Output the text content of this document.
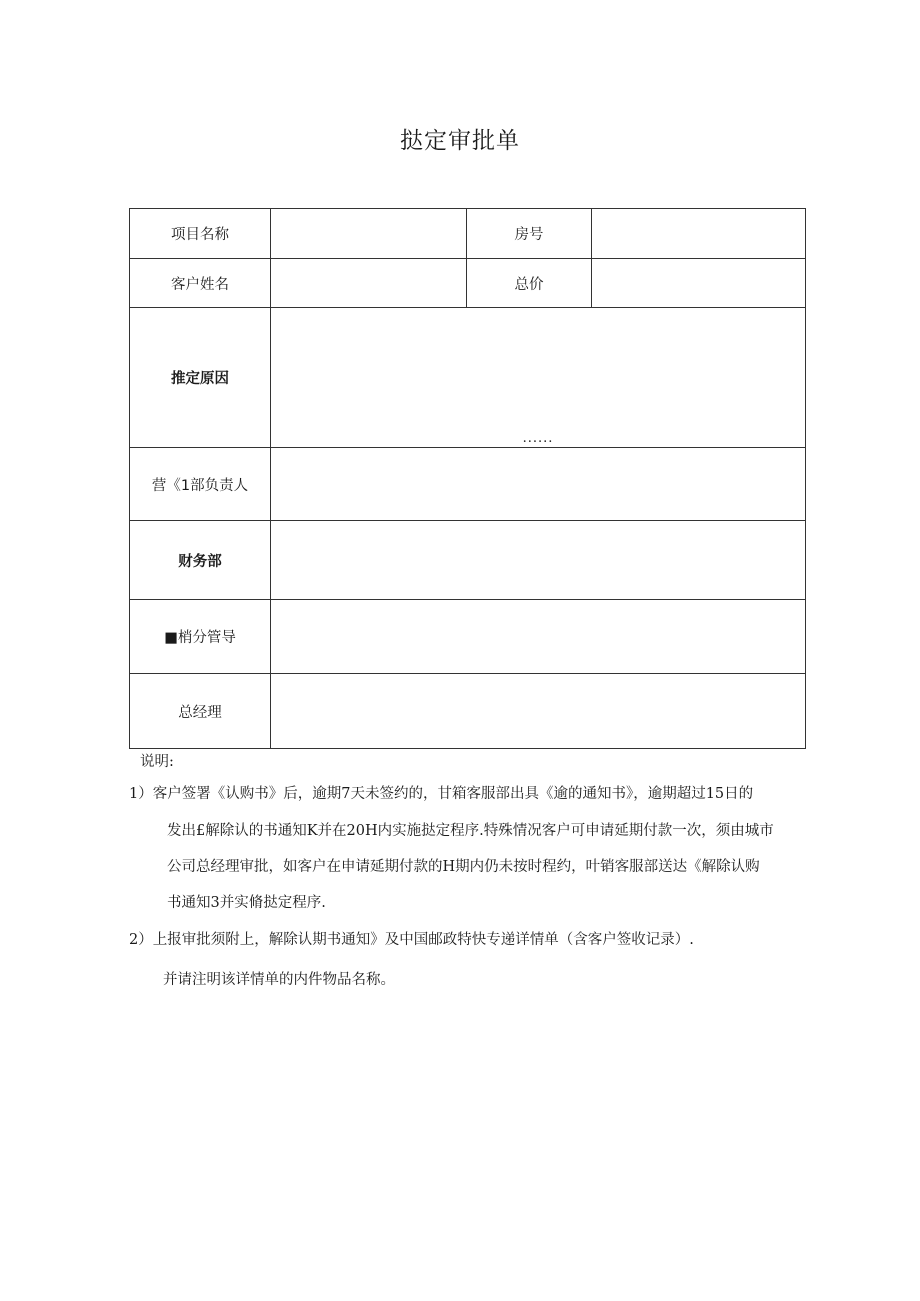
挞定审批单
项目名称		房号	
客户姓名		总价	
推定原因	......		

营《1部负责人			
财务部			
■梢分管导			
总经理			
说明:
1）客户签署《认购书》后，逾期7天未签约的，甘箱客服部出具《逾的通知书》，逾期超过15日的
发出£解除认的书通知K并在20H内实施挞定程序.特殊情况客户可申请延期付款一次，须由城市
公司总经理审批，如客户在申请延期付款的H期内仍未按时程约，叶销客服部送达《解除认购
书通知3并实脩挞定程序.
2）上报审批须附上，解除认期书通知》及中国邮政特快专递详情单（含客户签收记录）.
并请注明该详情单的内件物品名称。
